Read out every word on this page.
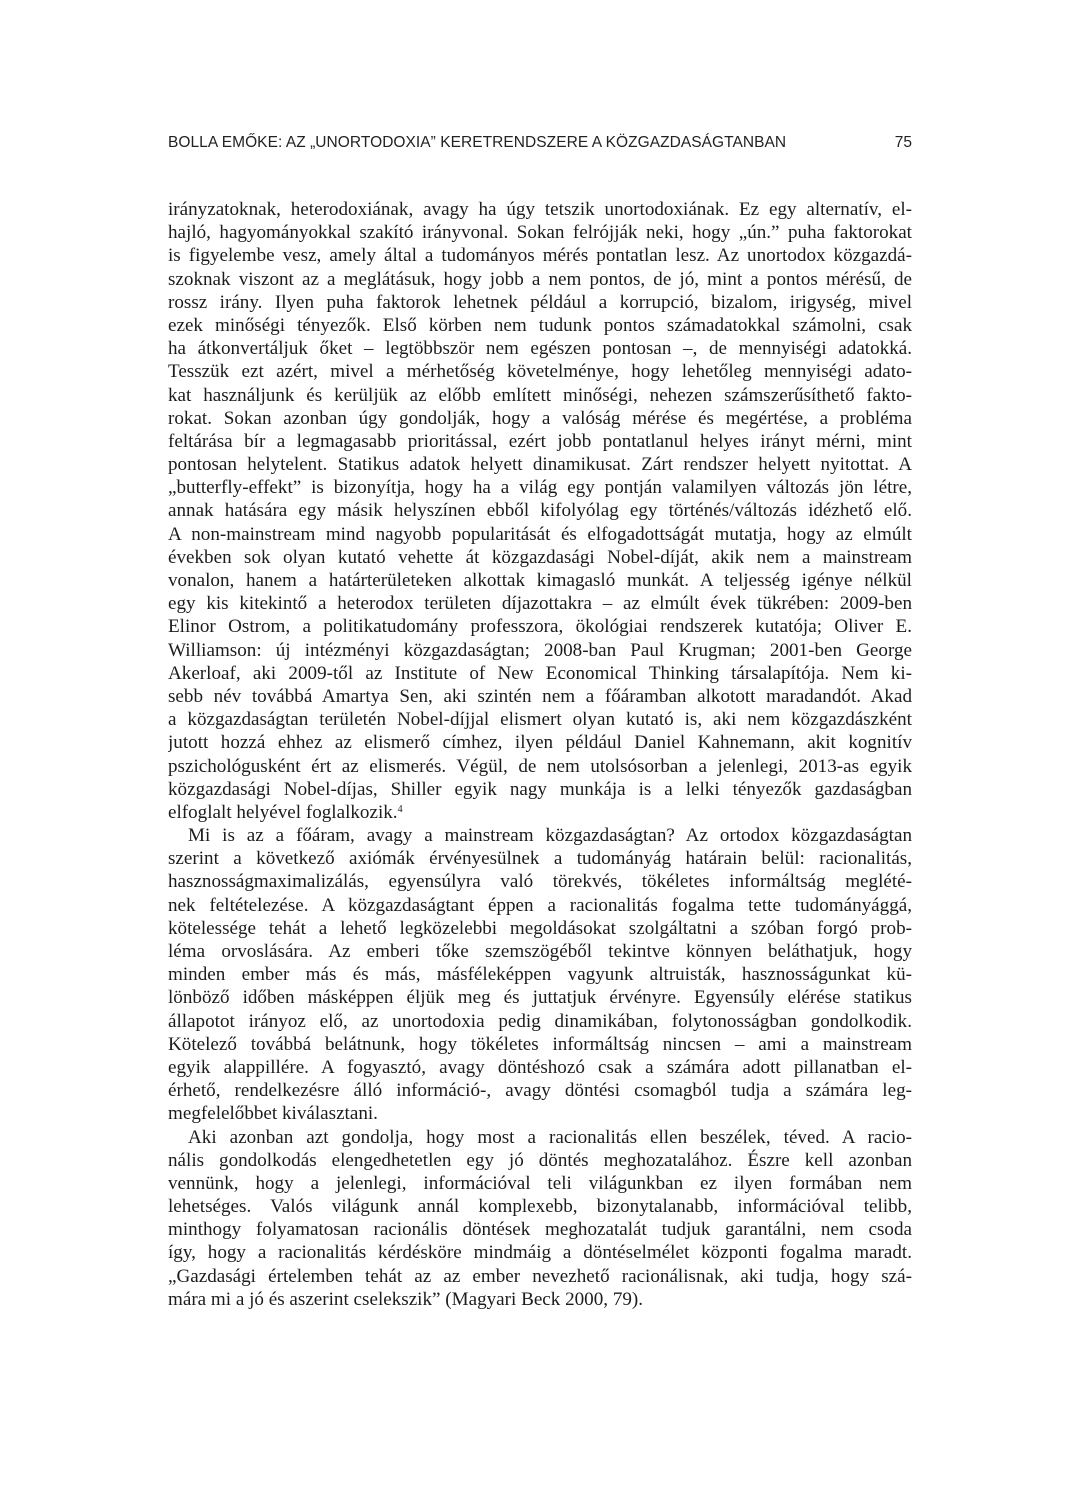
BOLLA EMŐKE: AZ „UNORTODOXIA” KERETRENDSZERE A KÖZGAZDASÁGTANBAN	75
irányzatoknak, heterodoxiának, avagy ha úgy tetszik unortodoxiának. Ez egy alternatív, el-
hajló, hagyományokkal szakító irányvonal. Sokan felrójják neki, hogy „ún.” puha faktorokat
is figyelembe vesz, amely által a tudományos mérés pontatlan lesz. Az unortodox közgazdá-
szoknak viszont az a meglátásuk, hogy jobb a nem pontos, de jó, mint a pontos mérésű, de
rossz irány. Ilyen puha faktorok lehetnek például a korrupció, bizalom, irigység, mivel
ezek minőségi tényezők. Első körben nem tudunk pontos számadatokkal számolni, csak
ha átkonvertáljuk őket – legtöbbször nem egészen pontosan –, de mennyiségi adatokká.
Tesszük ezt azért, mivel a mérhetőség követelménye, hogy lehetőleg mennyiségi adato-
kat használjunk és kerüljük az előbb említett minőségi, nehezen számszerűsíthető fakto-
rokat. Sokan azonban úgy gondolják, hogy a valóság mérése és megértése, a probléma
feltárása bír a legmagasabb prioritással, ezért jobb pontatlanul helyes irányt mérni, mint
pontosan helytelent. Statikus adatok helyett dinamikusat. Zárt rendszer helyett nyitottat. A
„butterfly-effekt” is bizonyítja, hogy ha a világ egy pontján valamilyen változás jön létre,
annak hatására egy másik helyszínen ebből kifolyólag egy történés/változás idézhető elő.
A non-mainstream mind nagyobb popularitását és elfogadottságát mutatja, hogy az elmúlt
években sok olyan kutató vehette át közgazdasági Nobel-díját, akik nem a mainstream
vonalon, hanem a határterületeken alkottak kimagasló munkát. A teljesség igénye nélkül
egy kis kitekintő a heterodox területen díjazottakra – az elmúlt évek tükrében: 2009-ben
Elinor Ostrom, a politikatudomány professzora, ökológiai rendszerek kutatója; Oliver E.
Williamson: új intézményi közgazdaságtan; 2008-ban Paul Krugman; 2001-ben George
Akerloaf, aki 2009-től az Institute of New Economical Thinking társalapítója. Nem ki-
sebb név továbbá Amartya Sen, aki szintén nem a főáramban alkotott maradandót. Akad
a közgazdaságtan területén Nobel-díjjal elismert olyan kutató is, aki nem közgazdászként
jutott hozzá ehhez az elismerő címhez, ilyen például Daniel Kahnemann, akit kognitív
pszichológusként ért az elismerés. Végül, de nem utolsósorban a jelenlegi, 2013-as egyik
közgazdasági Nobel-díjas, Shiller egyik nagy munkája is a lelki tényezők gazdaságban
elfoglalt helyével foglalkozik.$^4$
Mi is az a főáram, avagy a mainstream közgazdaságtan? Az ortodox közgazdaságtan
szerint a következő axiómák érvényesülnek a tudományág határain belül: racionalitás,
hasznosságmaximalizálás, egyensúlyra való törekvés, tökéletes informáltság meglété-
nek feltételezése. A közgazdaságtant éppen a racionalitás fogalma tette tudományággá,
kötelessége tehát a lehető legközelebbi megoldásokat szolgáltatni a szóban forgó prob-
léma orvoslására. Az emberi tőke szemszögéből tekintve könnyen beláthatjuk, hogy
minden ember más és más, másféleképpen vagyunk altruisták, hasznosságunkat kü-
lönböző időben másképpen éljük meg és juttatjuk érvényre. Egyensúly elérése statikus
állapotot irányoz elő, az unortodoxia pedig dinamikában, folytonosságban gondolkodik.
Kötelező továbbá belátnunk, hogy tökéletes informáltság nincsen – ami a mainstream
egyik alappillére. A fogyasztó, avagy döntéshozó csak a számára adott pillanatban el-
érhető, rendelkezésre álló információ-, avagy döntési csomagból tudja a számára leg-
megfelelőbbet kiválasztani.
Aki azonban azt gondolja, hogy most a racionalitás ellen beszélek, téved. A racio-
nális gondolkodás elengedhetetlen egy jó döntés meghozatalához. Észre kell azonban
vennünk, hogy a jelenlegi, információval teli világunkban ez ilyen formában nem
lehetséges. Valós világunk annál komplexebb, bizonytalanabb, információval telibb,
minthogy folyamatosan racionális döntések meghozatalát tudjuk garantálni, nem csoda
így, hogy a racionalitás kérdésköre mindmáig a döntéselmélet központi fogalma maradt.
„Gazdasági értelemben tehát az az ember nevezhető racionálisnak, aki tudja, hogy szá-
mára mi a jó és aszerint cselekszik” (Magyari Beck 2000, 79).
